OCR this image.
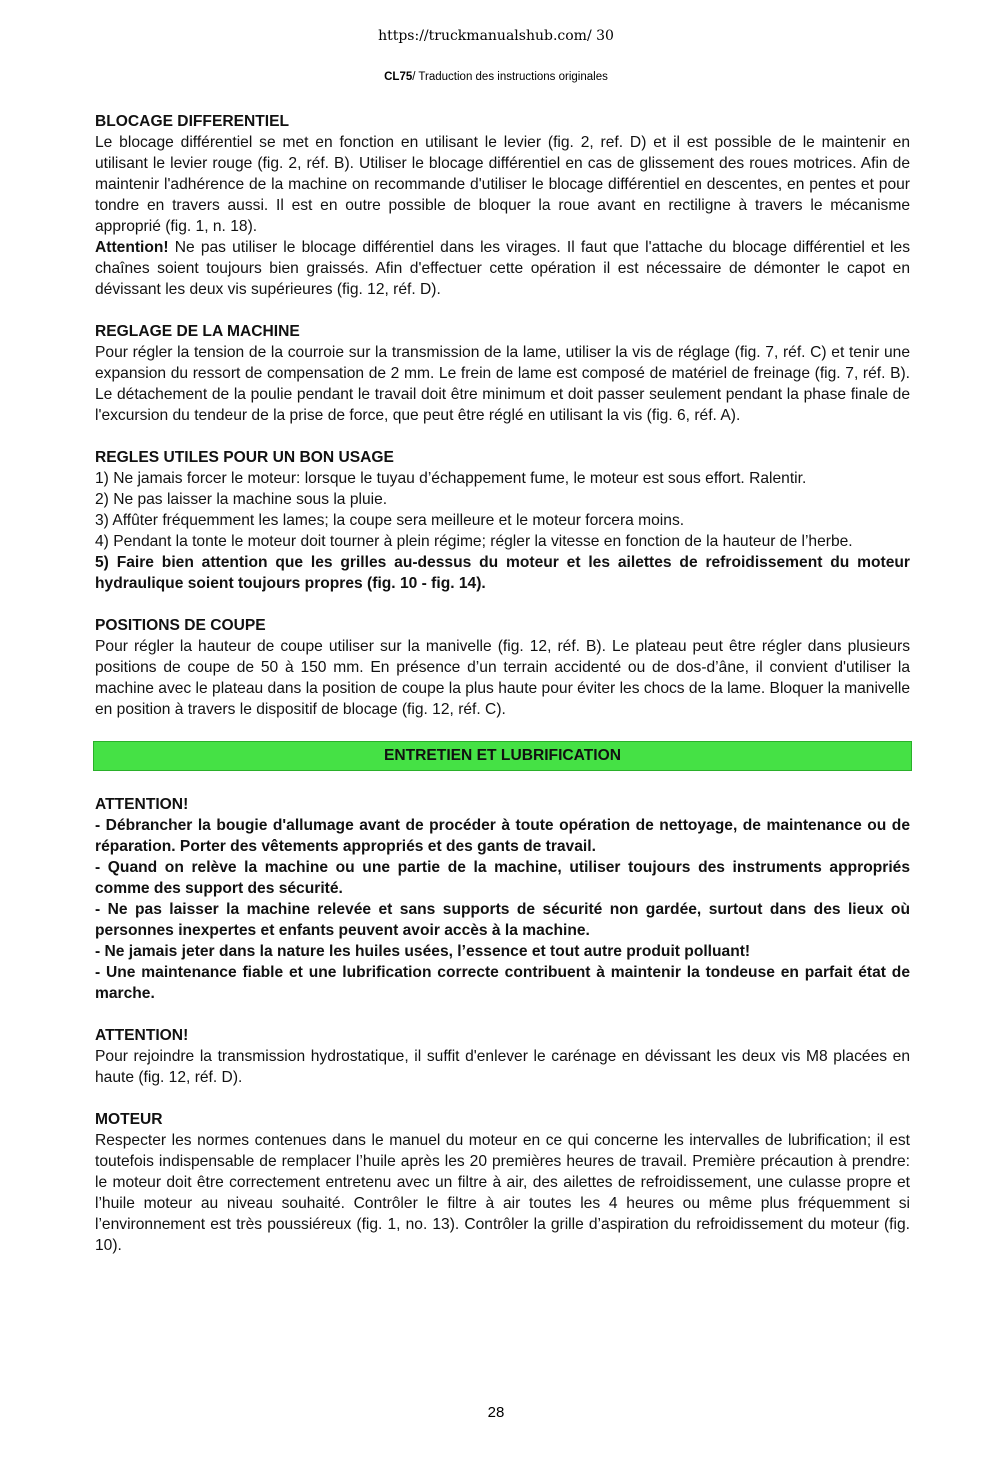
https://truckmanualshub.com/ 30
CL75/ Traduction des instructions originales
BLOCAGE DIFFERENTIEL

Le blocage différentiel se met en fonction en utilisant le levier (fig. 2, ref. D) et il est possible de le maintenir en utilisant le levier rouge (fig. 2, réf. B). Utiliser le blocage différentiel en cas de glissement des roues motrices. Afin de maintenir l'adhérence de la machine on recommande d'utiliser le blocage différentiel en descentes, en pentes et pour tondre en travers aussi. Il est en outre possible de bloquer la roue avant en rectiligne à travers le mécanisme approprié (fig. 1, n. 18).
Attention! Ne pas utiliser le blocage différentiel dans les virages. Il faut que l'attache du blocage différentiel et les chaînes soient toujours bien graissés. Afin d'effectuer cette opération il est nécessaire de démonter le capot en dévissant les deux vis supérieures (fig. 12, réf. D).

REGLAGE DE LA MACHINE

Pour régler la tension de la courroie sur la transmission de la lame, utiliser la vis de réglage (fig. 7, réf. C) et tenir une expansion du ressort de compensation de 2 mm. Le frein de lame est composé de matériel de freinage (fig. 7, réf. B). Le détachement de la poulie pendant le travail doit être minimum et doit passer seulement pendant la phase finale de l'excursion du tendeur de la prise de force, que peut être réglé en utilisant la vis (fig. 6, réf. A).

REGLES UTILES POUR UN BON USAGE

1) Ne jamais forcer le moteur: lorsque le tuyau d’échappement fume, le moteur est sous effort. Ralentir.

2) Ne pas laisser la machine sous la pluie.

3) Affûter fréquemment les lames; la coupe sera meilleure et le moteur forcera moins.

4) Pendant la tonte le moteur doit tourner à plein régime; régler la vitesse en fonction de la hauteur de l’herbe.

5) Faire bien attention que les grilles au-dessus du moteur et les ailettes de refroidissement du moteur hydraulique soient toujours propres (fig. 10 - fig. 14).

POSITIONS DE COUPE

Pour régler la hauteur de coupe utiliser sur la manivelle (fig. 12, réf. B). Le plateau peut être régler dans plusieurs positions de coupe de 50 à 150 mm. En présence d’un terrain accidenté ou de dos-d’âne, il convient d'utiliser la machine avec le plateau dans la position de coupe la plus haute pour éviter les chocs de la lame. Bloquer la manivelle en position à travers le dispositif de blocage (fig. 12, réf. C).

ENTRETIEN ET LUBRIFICATION
ATTENTION!

- Débrancher la bougie d'allumage avant de procéder à toute opération de nettoyage, de maintenance ou de réparation. Porter des vêtements appropriés et des gants de travail.

- Quand on relève la machine ou une partie de la machine, utiliser toujours des instruments appropriés comme des support des sécurité.

- Ne pas laisser la machine relevée et sans supports de sécurité non gardée, surtout dans des lieux où personnes inexpertes et enfants peuvent avoir accès à la machine.

- Ne jamais jeter dans la nature les huiles usées, l’essence et tout autre produit polluant!

- Une maintenance fiable et une lubrification correcte contribuent à maintenir la tondeuse en parfait état de marche.

ATTENTION!

Pour rejoindre la transmission hydrostatique, il suffit d'enlever le carénage en dévissant les deux vis M8 placées en haute (fig. 12, réf. D).

MOTEUR

Respecter les normes contenues dans le manuel du moteur en ce qui concerne les intervalles de lubrification; il est toutefois indispensable de remplacer l’huile après les 20 premières heures de travail. Première précaution à prendre: le moteur doit être correctement entretenu avec un filtre à air, des ailettes de refroidissement, une culasse propre et l’huile moteur au niveau souhaité. Contrôler le filtre à air toutes les 4 heures ou même plus fréquemment si l’environnement est très poussiéreux (fig. 1, no. 13). Contrôler la grille d’aspiration du refroidissement du moteur (fig. 10).

28
